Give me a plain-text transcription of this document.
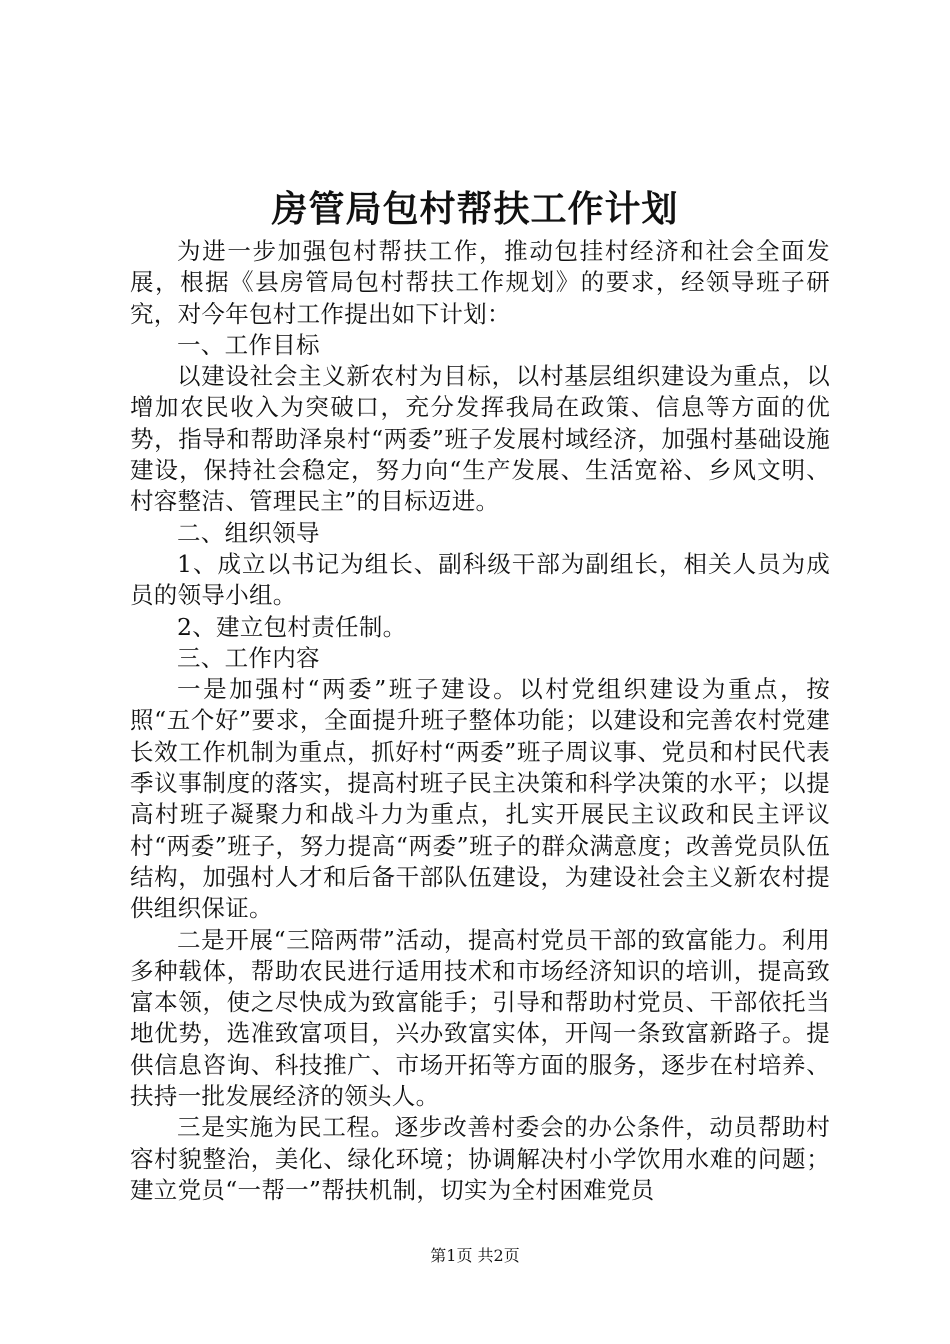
房管局包村帮扶工作计划

为进一步加强包村帮扶工作，推动包挂村经济和社会全面发展，根据《县房管局包村帮扶工作规划》的要求，经领导班子研究，对今年包村工作提出如下计划：

一、工作目标

以建设社会主义新农村为目标，以村基层组织建设为重点，以增加农民收入为突破口，充分发挥我局在政策、信息等方面的优势，指导和帮助泽泉村“两委”班子发展村域经济，加强村基础设施建设，保持社会稳定，努力向“生产发展、生活宽裕、乡风文明、村容整洁、管理民主”的目标迈进。

二、组织领导

1、成立以书记为组长、副科级干部为副组长，相关人员为成员的领导小组。

2、建立包村责任制。

三、工作内容

一是加强村“两委”班子建设。以村党组织建设为重点，按照“五个好”要求，全面提升班子整体功能；以建设和完善农村党建长效工作机制为重点，抓好村“两委”班子周议事、党员和村民代表季议事制度的落实，提高村班子民主决策和科学决策的水平；以提高村班子凝聚力和战斗力为重点，扎实开展民主议政和民主评议村“两委”班子，努力提高“两委”班子的群众满意度；改善党员队伍结构，加强村人才和后备干部队伍建设，为建设社会主义新农村提供组织保证。

二是开展“三陪两带”活动，提高村党员干部的致富能力。利用多种载体，帮助农民进行适用技术和市场经济知识的培训，提高致富本领，使之尽快成为致富能手；引导和帮助村党员、干部依托当地优势，选准致富项目，兴办致富实体，开闯一条致富新路子。提供信息咨询、科技推广、市场开拓等方面的服务，逐步在村培养、扶持一批发展经济的领头人。

三是实施为民工程。逐步改善村委会的办公条件，动员帮助村容村貌整治，美化、绿化环境；协调解决村小学饮用水难的问题；建立党员“一帮一”帮扶机制，切实为全村困难党员

第1页 共2页
